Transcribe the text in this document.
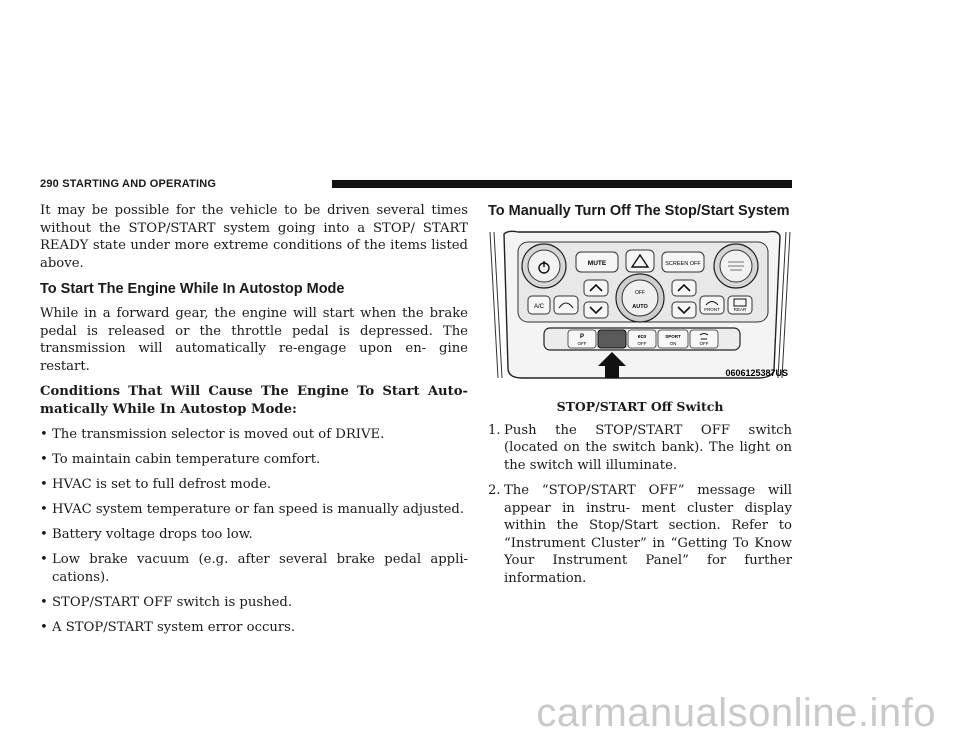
290 STARTING AND OPERATING

It may be possible for the vehicle to be driven several times without the STOP/START system going into a STOP/ START READY state under more extreme conditions of the items listed above.

To Start The Engine While In Autostop Mode

While in a forward gear, the engine will start when the brake pedal is released or the throttle pedal is depressed. The transmission will automatically re-engage upon en- gine restart.

Conditions That Will Cause The Engine To Start Auto- matically While In Autostop Mode:

• The transmission selector is moved out of DRIVE.
• To maintain cabin temperature comfort.
• HVAC is set to full defrost mode.
• HVAC system temperature or fan speed is manually adjusted.
• Battery voltage drops too low.
• Low brake vacuum (e.g. after several brake pedal appli- cations).
• STOP/START OFF switch is pushed.
• A STOP/START system error occurs.
To Manually Turn Off The Stop/Start System
MUTE	SCREEN OFF
OFF
AUTO
A/C	FRONT	REAR
P
OFF
eco
OFF
SPORT
ON	OFF
0606125387US

STOP/START Off Switch

1. Push the STOP/START OFF switch (located on the switch bank). The light on the switch will illuminate.
2. The “STOP/START OFF” message will appear in instru- ment cluster display within the Stop/Start section. Refer to “Instrument Cluster” in “Getting To Know Your Instrument Panel” for further information.
carmanualsonline.info
